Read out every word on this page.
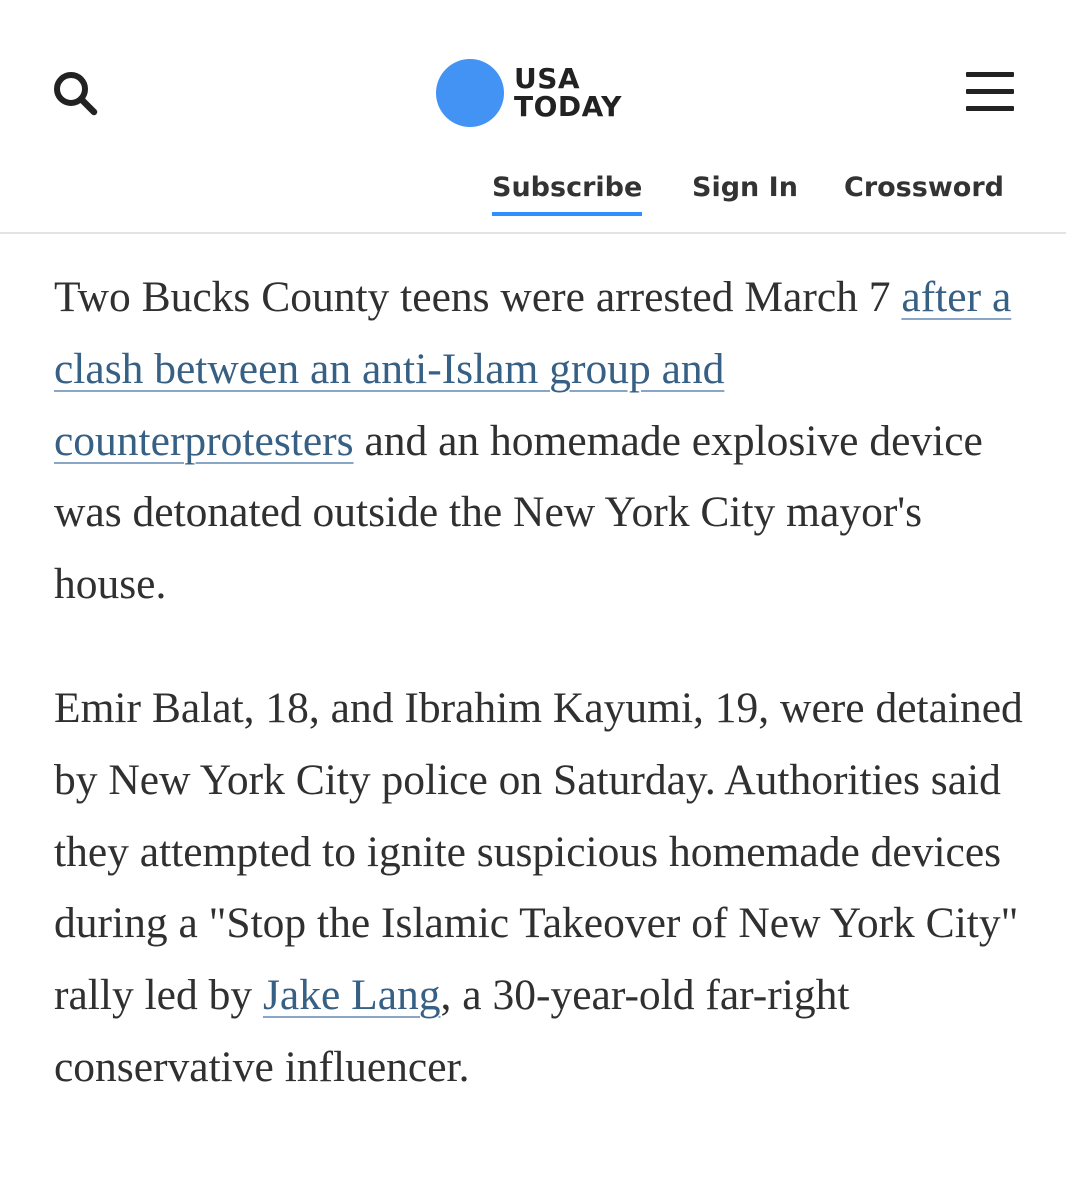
USA
TODAY
Subscribe Sign In Crossword

Two Bucks County teens were arrested March 7 after a clash between an anti-Islam group and counterprotesters and an homemade explosive device was detonated outside the New York City mayor's house.

Emir Balat, 18, and Ibrahim Kayumi, 19, were detained by New York City police on Saturday. Authorities said they attempted to ignite suspicious homemade devices during a "Stop the Islamic Takeover of New York City" rally led by Jake Lang, a 30-year-old far-right conservative influencer.
